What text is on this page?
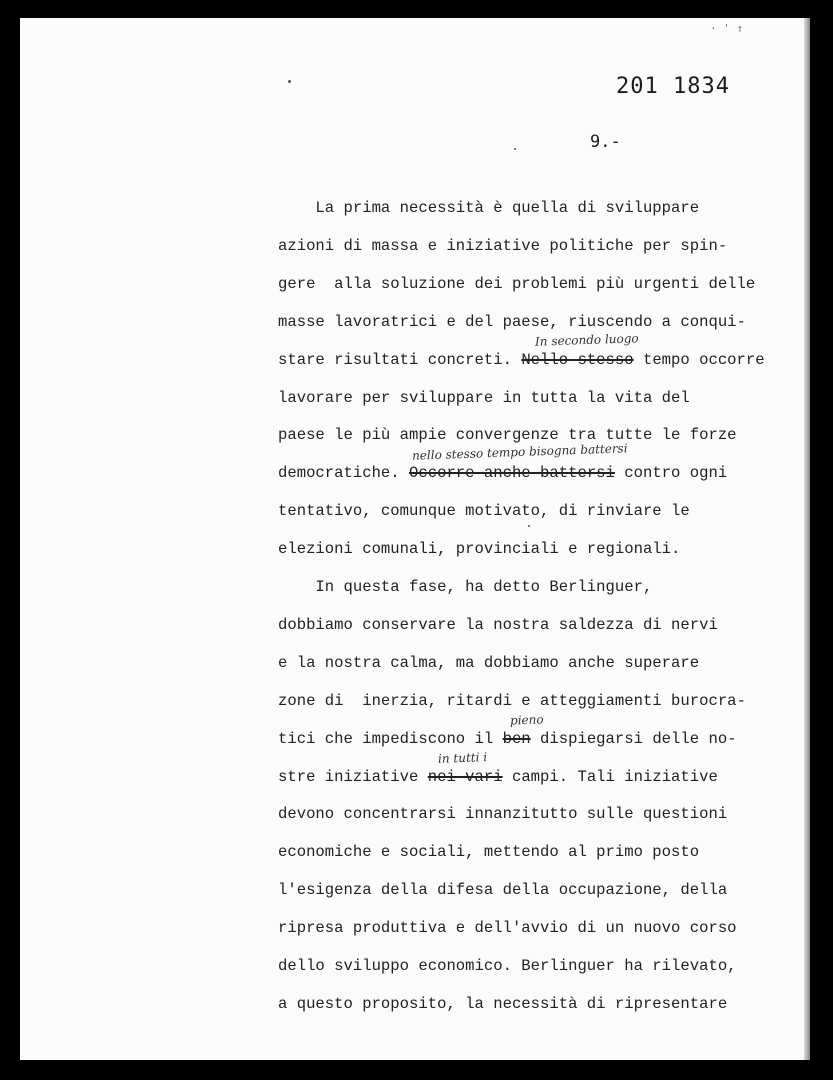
· ' ↑
201 1834
9.-
La prima necessità è quella di sviluppare
azioni di massa e iniziative politiche per spin-
gere  alla soluzione dei problemi più urgenti delle
masse lavoratrici e del paese, riuscendo a conqui-
stare risultati concreti. Nello stesso tempo occorre
lavorare per sviluppare in tutta la vita del
paese le più ampie convergenze tra tutte le forze
democratiche. Occorre anche battersi contro ogni
tentativo, comunque motivato, di rinviare le
elezioni comunali, provinciali e regionali.
In questa fase, ha detto Berlinguer,
dobbiamo conservare la nostra saldezza di nervi
e la nostra calma, ma dobbiamo anche superare
zone di  inerzia, ritardi e atteggiamenti burocra-
tici che impediscono il ben dispiegarsi delle no-
stre iniziative nei vari campi. Tali iniziative
devono concentrarsi innanzitutto sulle questioni
economiche e sociali, mettendo al primo posto
l'esigenza della difesa della occupazione, della
ripresa produttiva e dell'avvio di un nuovo corso
dello sviluppo economico. Berlinguer ha rilevato,
a questo proposito, la necessità di ripresentare
In secondo luogo
nello stesso tempo bisogna battersi
pieno
in tutti i
